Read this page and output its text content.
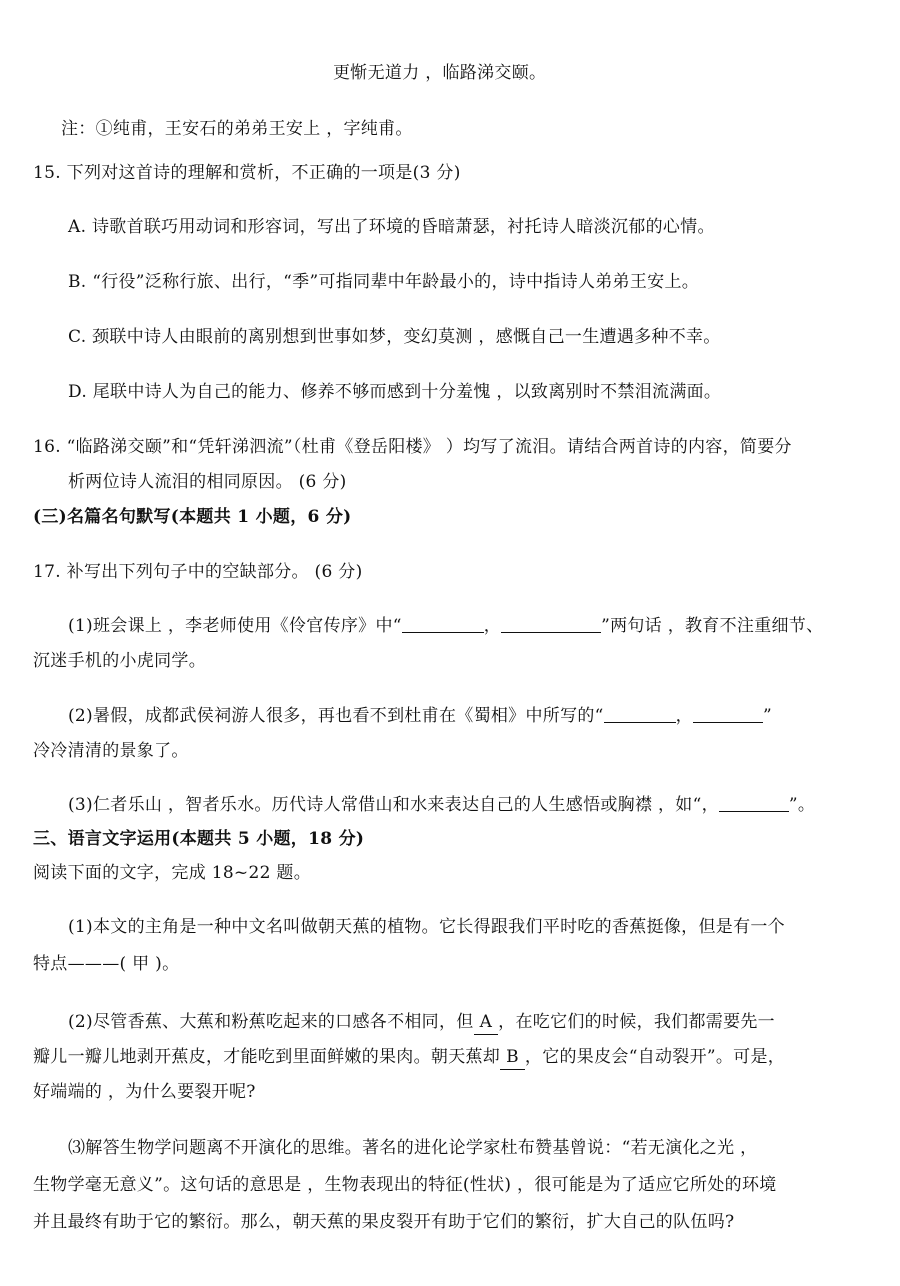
更惭无道力 ，临路涕交颐。
注：①纯甫，王安石的弟弟王安上 ，字纯甫。
15. 下列对这首诗的理解和赏析，不正确的一项是(3 分)
A. 诗歌首联巧用动词和形容词，写出了环境的昏暗萧瑟，衬托诗人暗淡沉郁的心情。
B. “行役”泛称行旅、出行，“季”可指同辈中年龄最小的，诗中指诗人弟弟王安上。
C. 颈联中诗人由眼前的离别想到世事如梦，变幻莫测 ，感慨自己一生遭遇多种不幸。
D. 尾联中诗人为自己的能力、修养不够而感到十分羞愧 ，以致离别时不禁泪流满面。
16. “临路涕交颐”和“凭轩涕泗流”（杜甫《登岳阳楼》 ）均写了流泪。请结合两首诗的内容，简要分
析两位诗人流泪的相同原因。 (6 分)
(三)名篇名句默写(本题共 1 小题，6 分)
17. 补写出下列句子中的空缺部分。 (6 分)
(1)班会课上 ，李老师使用《伶官传序》中“	，	”两句话 ，教育不注重细节、
沉迷手机的小虎同学。
(2)暑假，成都武侯祠游人很多，再也看不到杜甫在《蜀相》中所写的“	，	”
冷冷清清的景象了。
(3)仁者乐山 ，智者乐水。历代诗人常借山和水来表达自己的人生感悟或胸襟 ，如“，	”。
三、语言文字运用(本题共 5 小题，18 分)
阅读下面的文字，完成 18~22 题。
(1)本文的主角是一种中文名叫做朝天蕉的植物。它长得跟我们平时吃的香蕉挺像，但是有一个
特点———( 甲 )。
(2)尽管香蕉、大蕉和粉蕉吃起来的口感各不相同，但 A ，在吃它们的时候，我们都需要先一
瓣儿一瓣儿地剥开蕉皮，才能吃到里面鲜嫩的果肉。朝天蕉却 B ，它的果皮会“自动裂开”。可是，
好端端的 ，为什么要裂开呢?
⑶解答生物学问题离不开演化的思维。著名的进化论学家杜布赞基曾说：“若无演化之光 ，
生物学毫无意义”。这句话的意思是 ，生物表现出的特征(性状) ，很可能是为了适应它所处的环境
并且最终有助于它的繁衍。那么，朝天蕉的果皮裂开有助于它们的繁衍，扩大自己的队伍吗?
